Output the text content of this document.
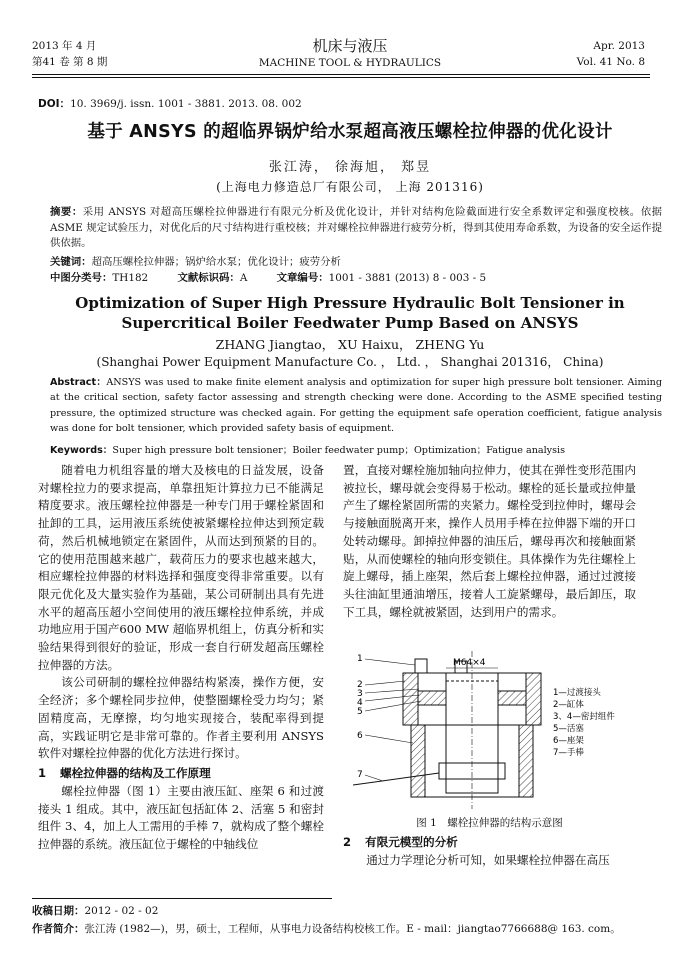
2013 年 4 月
第41 卷 第 8 期
机床与液压
MACHINE TOOL & HYDRAULICS
Apr. 2013
Vol. 41 No. 8
DOI：10. 3969/j. issn. 1001 - 3881. 2013. 08. 002
基于 ANSYS 的超临界锅炉给水泵超高液压螺栓拉伸器的优化设计
张江涛， 徐海旭， 郑昱
(上海电力修造总厂有限公司， 上海 201316)
摘要：采用 ANSYS 对超高压螺栓拉伸器进行有限元分析及优化设计，并针对结构危险截面进行安全系数评定和强度校核。依据 ASME 规定试验压力，对优化后的尺寸结构进行重校核；并对螺栓拉伸器进行疲劳分析，得到其使用寿命系数，为设备的安全运作提供依据。
关键词：超高压螺栓拉伸器；锅炉给水泵；优化设计；疲劳分析
中图分类号：TH182	文献标识码：A	文章编号：1001 - 3881 (2013) 8 - 003 - 5
Optimization of Super High Pressure Hydraulic Bolt Tensioner in Supercritical Boiler Feedwater Pump Based on ANSYS
ZHANG Jiangtao， XU Haixu， ZHENG Yu
(Shanghai Power Equipment Manufacture Co. ， Ltd. ， Shanghai 201316， China)
Abstract：ANSYS was used to make finite element analysis and optimization for super high pressure bolt tensioner. Aiming at the critical section, safety factor assessing and strength checking were done. According to the ASME specified testing pressure, the optimized structure was checked again. For getting the equipment safe operation coefficient, fatigue analysis was done for bolt tensioner, which provided safety basis of equipment.
Keywords：Super high pressure bolt tensioner；Boiler feedwater pump；Optimization；Fatigue analysis

随着电力机组容量的增大及核电的日益发展，设备对螺栓拉力的要求提高，单靠扭矩计算拉力已不能满足精度要求。液压螺栓拉伸器是一种专门用于螺栓紧固和扯卸的工具，运用液压系统使被紧螺栓拉伸达到预定载荷，然后机械地锁定在紧固件，从而达到预紧的目的。它的使用范围越来越广，载荷压力的要求也越来越大，相应螺栓拉伸器的材料选择和强度变得非常重要。以有限元优化及大量实验作为基础，某公司研制出具有先进水平的超高压超小空间使用的液压螺栓拉伸系统，并成功地应用于国产600 MW 超临界机组上，仿真分析和实验结果得到很好的验证，形成一套自行研发超高压螺栓拉伸器的方法。

该公司研制的螺栓拉伸器结构紧凑，操作方便，安全经济；多个螺栓同步拉伸，使整圈螺栓受力均匀；紧固精度高，无摩擦，均匀地实现接合，装配率得到提高，实践证明它是非常可靠的。作者主要利用 ANSYS 软件对螺栓拉伸器的优化方法进行探讨。

1 螺栓拉伸器的结构及工作原理

螺栓拉伸器（图 1）主要由液压缸、座架 6 和过渡接头 1 组成。其中，液压缸包括缸体 2、活塞 5 和密封组件 3、4，加上人工需用的手棒 7，就构成了整个螺栓拉伸器的系统。液压缸位于螺栓的中轴线位

置，直接对螺栓施加轴向拉伸力，使其在弹性变形范围内被拉长，螺母就会变得易于松动。螺栓的延长量或拉伸量产生了螺栓紧固所需的夹紧力。螺栓受到拉伸时，螺母会与接触面脱离开来，操作人员用手棒在拉伸器下端的开口处转动螺母。卸掉拉伸器的油压后，螺母再次和接触面紧贴，从而使螺栓的轴向形变锁住。具体操作为先往螺栓上旋上螺母，插上座架，然后套上螺栓拉伸器，通过过渡接头往油缸里通油增压，接着人工旋紧螺母，最后卸压，取下工具，螺栓就被紧固，达到用户的需求。

M64×4
1
2
3
4
5
6
7
1—过渡接头
2—缸体
3、4—密封组件
5—活塞
6—座架
7—手棒
图 1　螺栓拉伸器的结构示意图

2 有限元模型的分析

通过力学理论分析可知，如果螺栓拉伸器在高压

收稿日期：2012 - 02 - 02
作者简介：张江涛 (1982—)，男，硕士，工程师，从事电力设备结构校核工作。E - mail：jiangtao7766688@ 163. com。
